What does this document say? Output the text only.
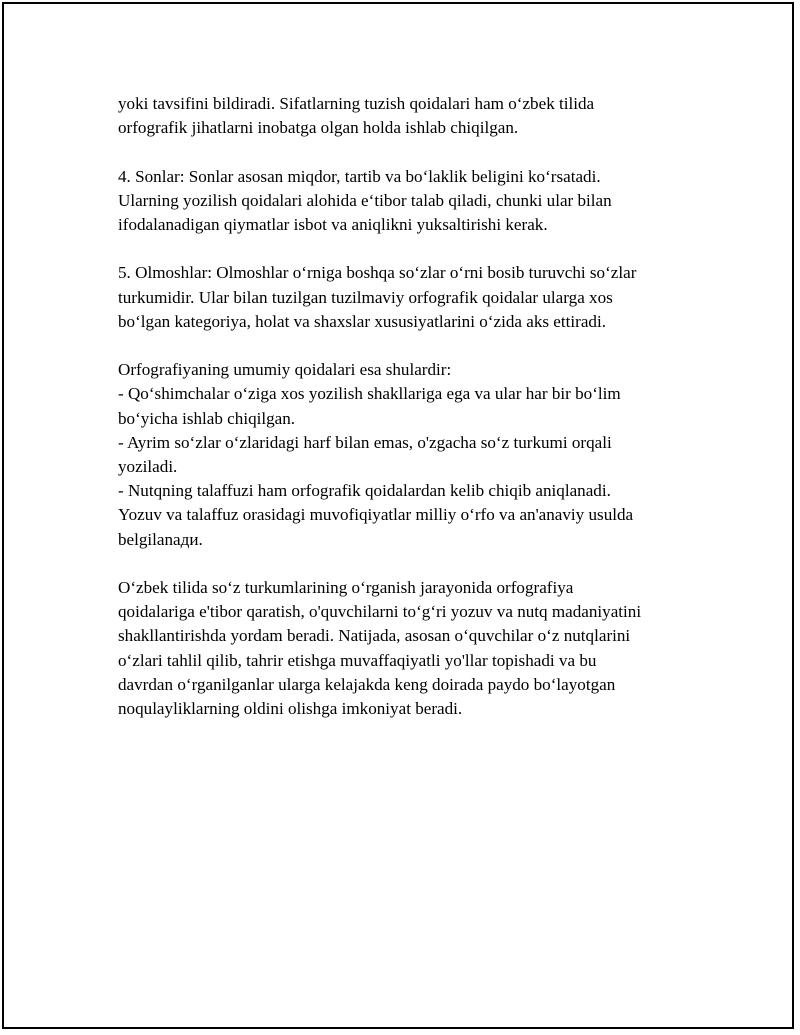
yoki tavsifini bildiradi. Sifatlarning tuzish qoidalari ham oʻzbek tilida
orfografik jihatlarni inobatga olgan holda ishlab chiqilgan.
4. Sonlar: Sonlar asosan miqdor, tartib va boʻlaklik beligini koʻrsatadi.
Ularning yozilish qoidalari alohida eʻtibor talab qiladi, chunki ular bilan
ifodalanadigan qiymatlar isbot va aniqlikni yuksaltirishi kerak.
5. Olmoshlar: Olmoshlar oʻrniga boshqa soʻzlar oʻrni bosib turuvchi soʻzlar
turkumidir. Ular bilan tuzilgan tuzilmaviy orfografik qoidalar ularga xos
boʻlgan kategoriya, holat va shaxslar xususiyatlarini oʻzida aks ettiradi.
Orfografiyaning umumiy qoidalari esa shulardir:
- Qoʻshimchalar oʻziga xos yozilish shakllariga ega va ular har bir boʻlim
boʻyicha ishlab chiqilgan.
- Ayrim soʻzlar oʻzlaridagi harf bilan emas, o'zgacha soʻz turkumi orqali
yoziladi.
- Nutqning talaffuzi ham orfografik qoidalardan kelib chiqib aniqlanadi.
Yozuv va talaffuz orasidagi muvofiqiyatlar milliy oʻrfo va an'anaviy usulda
belgilanади.
Oʻzbek tilida soʻz turkumlarining oʻrganish jarayonida orfografiya
qoidalariga e'tibor qaratish, o'quvchilarni toʻgʻri yozuv va nutq madaniyatini
shakllantirishda yordam beradi. Natijada, asosan oʻquvchilar oʻz nutqlarini
oʻzlari tahlil qilib, tahrir etishga muvaffaqiyatli yo'llar topishadi va bu
davrdan oʻrganilganlar ularga kelajakda keng doirada paydo boʻlayotgan
noqulayliklarning oldini olishga imkoniyat beradi.
